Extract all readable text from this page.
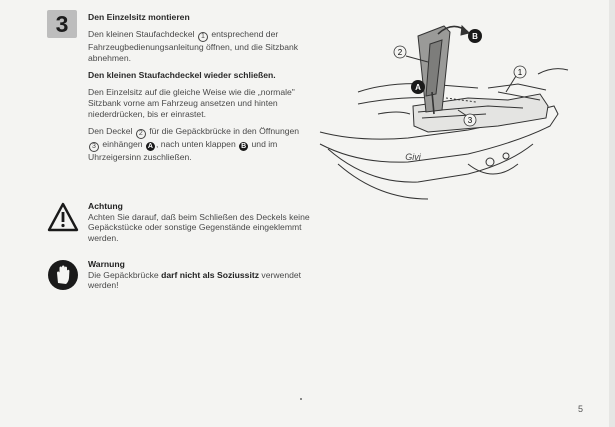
3	Den Einzelsitz montieren

Den kleinen Staufachdeckel 1 entsprechend der Fahrzeugbedienungsanleitung öffnen, und die Sitzbank abnehmen.

Den kleinen Staufachdeckel wieder schließen.

Den Einzelsitz auf die gleiche Weise wie die „normale" Sitzbank vorne am Fahrzeug ansetzen und hinten niederdrücken, bis er einrastet.

Den Deckel 2 für die Gepäckbrücke in den Öffnungen 3 einhängen A , nach unten klappen B und im Uhrzeigersinn zuschließen.

Achtung
Achten Sie darauf, daß beim Schließen des Deckels keine Gepäckstücke oder sonstige Gegenstände eingeklemmt werden.
Warnung
Die Gepäckbrücke darf nicht als Soziussitz verwendet werden!
2
1
3
A
B
Givi
5
